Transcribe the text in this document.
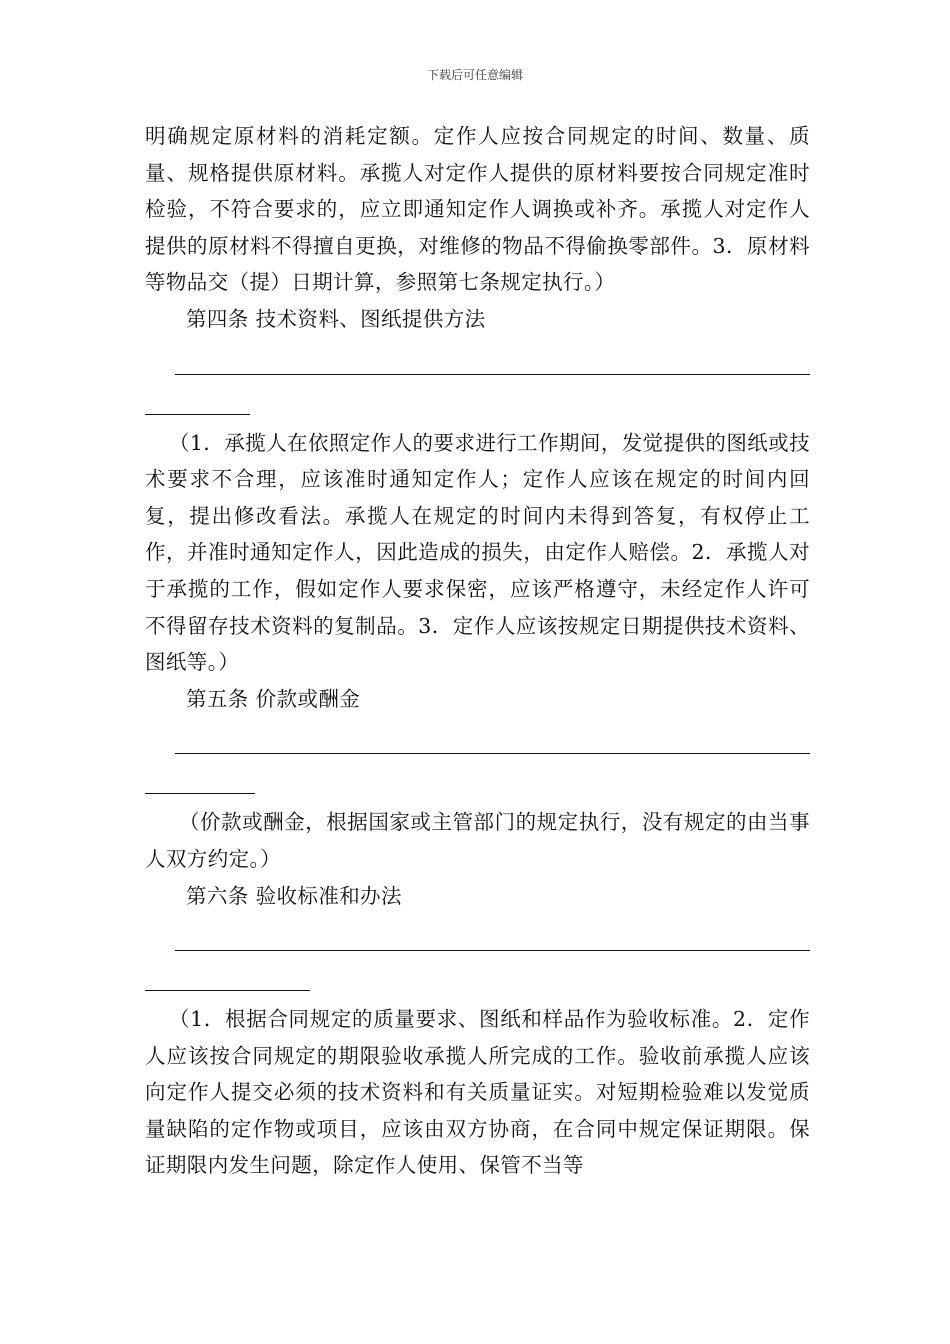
下载后可任意编辑

明确规定原材料的消耗定额。定作人应按合同规定的时间、数量、质量、规格提供原材料。承揽人对定作人提供的原材料要按合同规定准时检验，不符合要求的，应立即通知定作人调换或补齐。承揽人对定作人提供的原材料不得擅自更换，对维修的物品不得偷换零部件。3．原材料等物品交（提）日期计算，参照第七条规定执行。）

第四条 技术资料、图纸提供方法

（1．承揽人在依照定作人的要求进行工作期间，发觉提供的图纸或技术要求不合理，应该准时通知定作人；定作人应该在规定的时间内回复，提出修改看法。承揽人在规定的时间内未得到答复，有权停止工作，并准时通知定作人，因此造成的损失，由定作人赔偿。2．承揽人对于承揽的工作，假如定作人要求保密，应该严格遵守，未经定作人许可不得留存技术资料的复制品。3．定作人应该按规定日期提供技术资料、图纸等。）

第五条 价款或酬金

（价款或酬金，根据国家或主管部门的规定执行，没有规定的由当事人双方约定。）

第六条 验收标准和办法

（1．根据合同规定的质量要求、图纸和样品作为验收标准。2．定作人应该按合同规定的期限验收承揽人所完成的工作。验收前承揽人应该向定作人提交必须的技术资料和有关质量证实。对短期检验难以发觉质量缺陷的定作物或项目，应该由双方协商，在合同中规定保证期限。保证期限内发生问题，除定作人使用、保管不当等
